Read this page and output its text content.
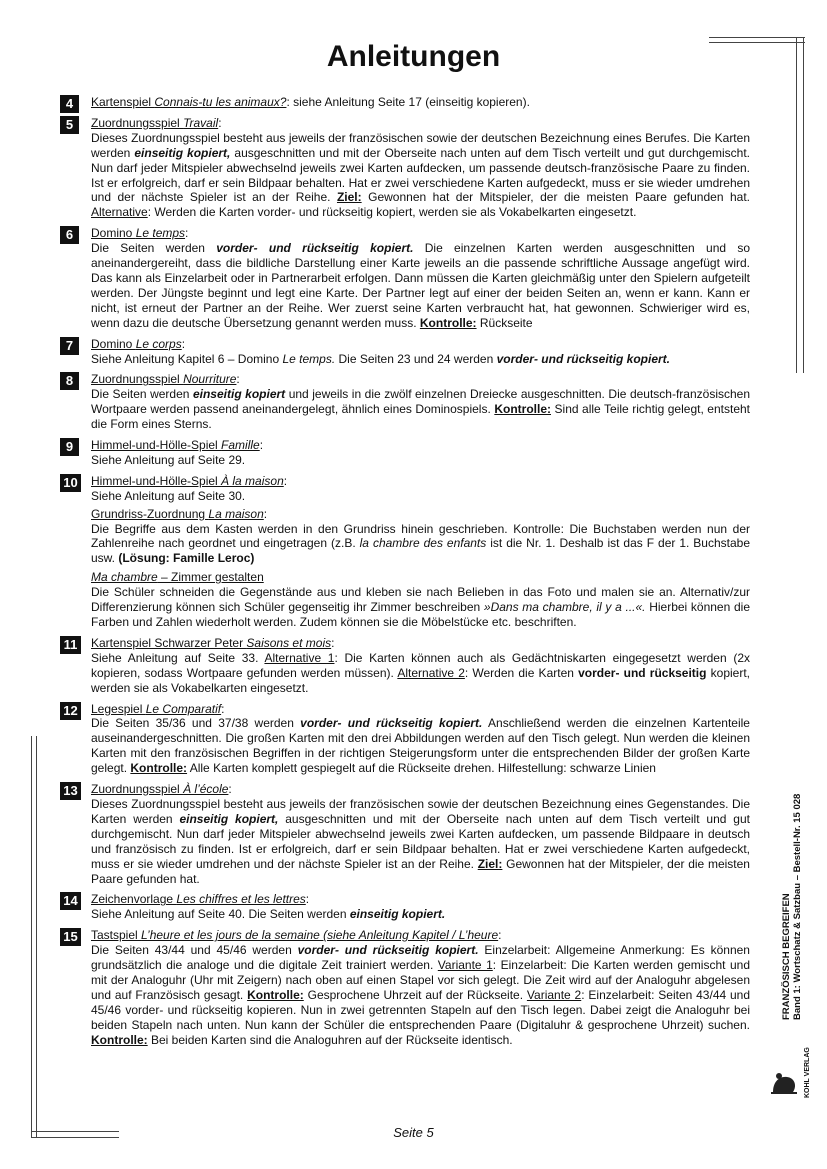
Anleitungen
4	Kartenspiel Connais-tu les animaux?: siehe Anleitung Seite 17 (einseitig kopieren).
5	Zuordnungsspiel Travail:
Dieses Zuordnungsspiel besteht aus jeweils der französischen sowie der deutschen Bezeichnung eines Berufes. Die Karten werden einseitig kopiert, ausgeschnitten und mit der Oberseite nach unten auf dem Tisch verteilt und gut durchgemischt. Nun darf jeder Mitspieler abwechselnd jeweils zwei Karten aufdecken, um passende deutsch-französische Paare zu finden. Ist er erfolgreich, darf er sein Bildpaar behalten. Hat er zwei verschiedene Karten aufgedeckt, muss er sie wieder umdrehen und der nächste Spieler ist an der Reihe. Ziel: Gewonnen hat der Mitspieler, der die meisten Paare gefunden hat. Alternative: Werden die Karten vorder- und rückseitig kopiert, werden sie als Vokabelkarten eingesetzt.
6	Domino Le temps:
Die Seiten werden vorder- und rückseitig kopiert. Die einzelnen Karten werden ausgeschnitten und so aneinandergereiht, dass die bildliche Darstellung einer Karte jeweils an die passende schriftliche Aussage angefügt wird. Das kann als Einzelarbeit oder in Partnerarbeit erfolgen. Dann müssen die Karten gleichmäßig unter den Spielern aufgeteilt werden. Der Jüngste beginnt und legt eine Karte. Der Partner legt auf einer der beiden Seiten an, wenn er kann. Kann er nicht, ist erneut der Partner an der Reihe. Wer zuerst seine Karten verbraucht hat, hat gewonnen. Schwieriger wird es, wenn dazu die deutsche Übersetzung genannt werden muss. Kontrolle: Rückseite
7	Domino Le corps:
Siehe Anleitung Kapitel 6 – Domino Le temps. Die Seiten 23 und 24 werden vorder- und rückseitig kopiert.
8	Zuordnungsspiel Nourriture:
Die Seiten werden einseitig kopiert und jeweils in die zwölf einzelnen Dreiecke ausgeschnitten. Die deutsch-französischen Wortpaare werden passend aneinandergelegt, ähnlich eines Dominospiels. Kontrolle: Sind alle Teile richtig gelegt, entsteht die Form eines Sterns.
9	Himmel-und-Hölle-Spiel Famille:
Siehe Anleitung auf Seite 29.
10 Himmel-und-Hölle-Spiel À la maison:
Siehe Anleitung auf Seite 30.
Grundriss-Zuordnung La maison:
Die Begriffe aus dem Kasten werden in den Grundriss hinein geschrieben. Kontrolle: Die Buchstaben werden nun der Zahlenreihe nach geordnet und eingetragen (z.B. la chambre des enfants ist die Nr. 1. Deshalb ist das F der 1. Buchstabe usw. (Lösung: Famille Leroc)
Ma chambre – Zimmer gestalten
Die Schüler schneiden die Gegenstände aus und kleben sie nach Belieben in das Foto und malen sie an. Alternativ/zur Differenzierung können sich Schüler gegenseitig ihr Zimmer beschreiben »Dans ma chambre, il y a ...«. Hierbei können die Farben und Zahlen wiederholt werden. Zudem können sie die Möbelstücke etc. beschriften.
11	Kartenspiel Schwarzer Peter Saisons et mois:
Siehe Anleitung auf Seite 33. Alternative 1: Die Karten können auch als Gedächtniskarten eingegesetzt werden (2x kopieren, sodass Wortpaare gefunden werden müssen). Alternative 2: Werden die Karten vorder- und rückseitig kopiert, werden sie als Vokabelkarten eingesetzt.
12 Legespiel Le Comparatif:
Die Seiten 35/36 und 37/38 werden vorder- und rückseitig kopiert. Anschließend werden die einzelnen Kartenteile auseinandergeschnitten. Die großen Karten mit den drei Abbildungen werden auf den Tisch gelegt. Nun werden die kleinen Karten mit den französischen Begriffen in der richtigen Steigerungsform unter die entsprechenden Bilder der großen Karte gelegt. Kontrolle: Alle Karten komplett gespiegelt auf die Rückseite drehen. Hilfestellung: schwarze Linien
13 Zuordnungsspiel À l’école:
Dieses Zuordnungsspiel besteht aus jeweils der französischen sowie der deutschen Bezeichnung eines Gegenstandes. Die Karten werden einseitig kopiert, ausgeschnitten und mit der Oberseite nach unten auf dem Tisch verteilt und gut durchgemischt. Nun darf jeder Mitspieler abwechselnd jeweils zwei Karten aufdecken, um passende Bildpaare in deutsch und französisch zu finden. Ist er erfolgreich, darf er sein Bildpaar behalten. Hat er zwei verschiedene Karten aufgedeckt, muss er sie wieder umdrehen und der nächste Spieler ist an der Reihe. Ziel: Gewonnen hat der Mitspieler, der die meisten Paare gefunden hat.
14 Zeichenvorlage Les chiffres et les lettres:
Siehe Anleitung auf Seite 40. Die Seiten werden einseitig kopiert.
15 Tastspiel L’heure et les jours de la semaine (siehe Anleitung Kapitel / L’heure:
Die Seiten 43/44 und 45/46 werden vorder- und rückseitig kopiert. Einzelarbeit: Allgemeine Anmerkung: Es können grundsätzlich die analoge und die digitale Zeit trainiert werden. Variante 1: Einzelarbeit: Die Karten werden gemischt und mit der Analoguhr (Uhr mit Zeigern) nach oben auf einen Stapel vor sich gelegt. Die Zeit wird auf der Analoguhr abgelesen und auf Französisch gesagt. Kontrolle: Gesprochene Uhrzeit auf der Rückseite. Variante 2: Einzelarbeit: Seiten 43/44 und 45/46 vorder- und rückseitig kopieren. Nun in zwei getrennten Stapeln auf den Tisch legen. Dabei zeigt die Analoguhr bei beiden Stapeln nach unten. Nun kann der Schüler die entsprechenden Paare (Digitaluhr & gesprochene Uhrzeit) suchen. Kontrolle: Bei beiden Karten sind die Analoguhren auf der Rückseite identisch.
FRANZÖSISCH BEGREIFEN Band 1: Wortschatz & Satzbau – Bestell-Nr. 15 028
KOHL VERLAG
Seite 5
